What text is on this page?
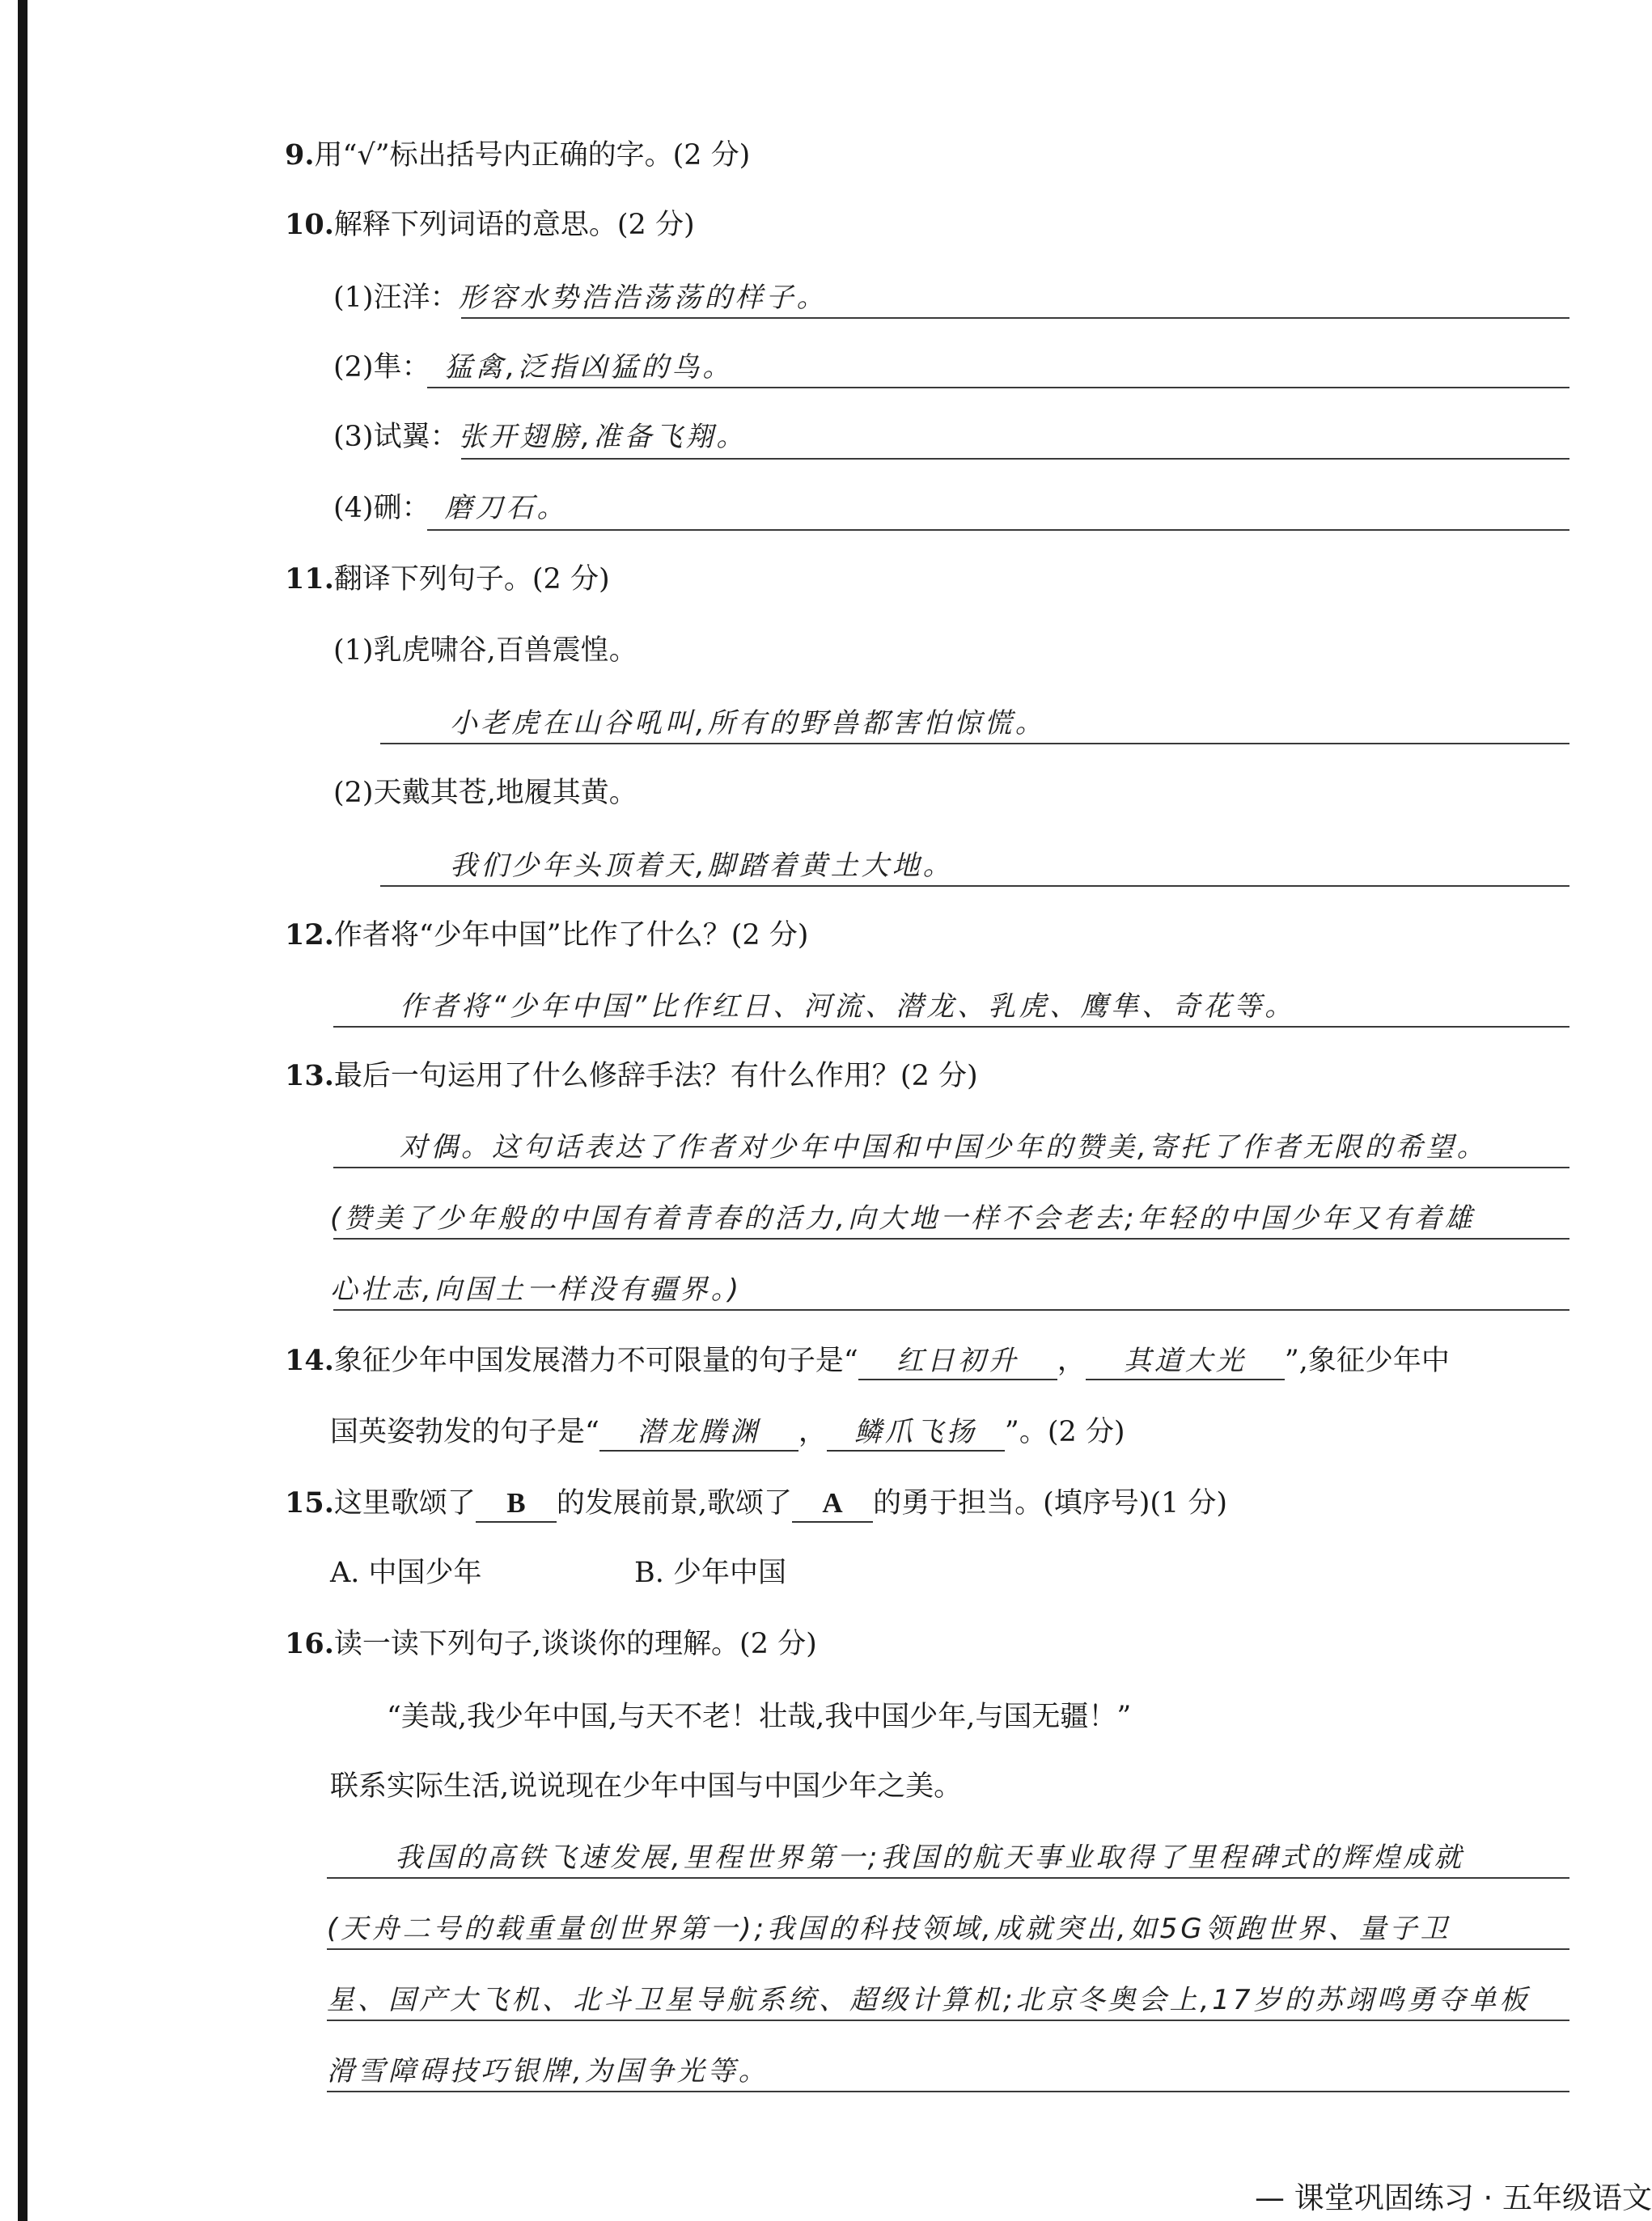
9.用“√”标出括号内正确的字。(2 分)
10.解释下列词语的意思。(2 分)
(1)汪洋：形容水势浩浩荡荡的样子。
(2)隼： 猛禽,泛指凶猛的鸟。
(3)试翼：张开翅膀,准备飞翔。
(4)硎： 磨刀石。
11.翻译下列句子。(2 分)
(1)乳虎啸谷,百兽震惶。
小老虎在山谷吼叫,所有的野兽都害怕惊慌。
(2)天戴其苍,地履其黄。
我们少年头顶着天,脚踏着黄土大地。
12.作者将“少年中国”比作了什么？(2 分)
作者将“少年中国”比作红日、河流、潜龙、乳虎、鹰隼、奇花等。
13.最后一句运用了什么修辞手法？有什么作用？(2 分)
对偶。这句话表达了作者对少年中国和中国少年的赞美,寄托了作者无限的希望。
(赞美了少年般的中国有着青春的活力,向大地一样不会老去;年轻的中国少年又有着雄
心壮志,向国土一样没有疆界。)
14.象征少年中国发展潜力不可限量的句子是“ 红日初升 ， 其道大光 ”,象征少年中
国英姿勃发的句子是“ 潜龙腾渊 ， 鳞爪飞扬 ”。(2 分)
15.这里歌颂了 B 的发展前景,歌颂了 A 的勇于担当。(填序号)(1 分)
A. 中国少年	B. 少年中国
16.读一读下列句子,谈谈你的理解。(2 分)
“美哉,我少年中国,与天不老！壮哉,我中国少年,与国无疆！”
联系实际生活,说说现在少年中国与中国少年之美。
我国的高铁飞速发展,里程世界第一;我国的航天事业取得了里程碑式的辉煌成就
(天舟二号的载重量创世界第一);我国的科技领域,成就突出,如5G领跑世界、量子卫
星、国产大飞机、北斗卫星导航系统、超级计算机;北京冬奥会上,17岁的苏翊鸣勇夺单板
滑雪障碍技巧银牌,为国争光等。
— 课堂巩固练习 · 五年级语文
